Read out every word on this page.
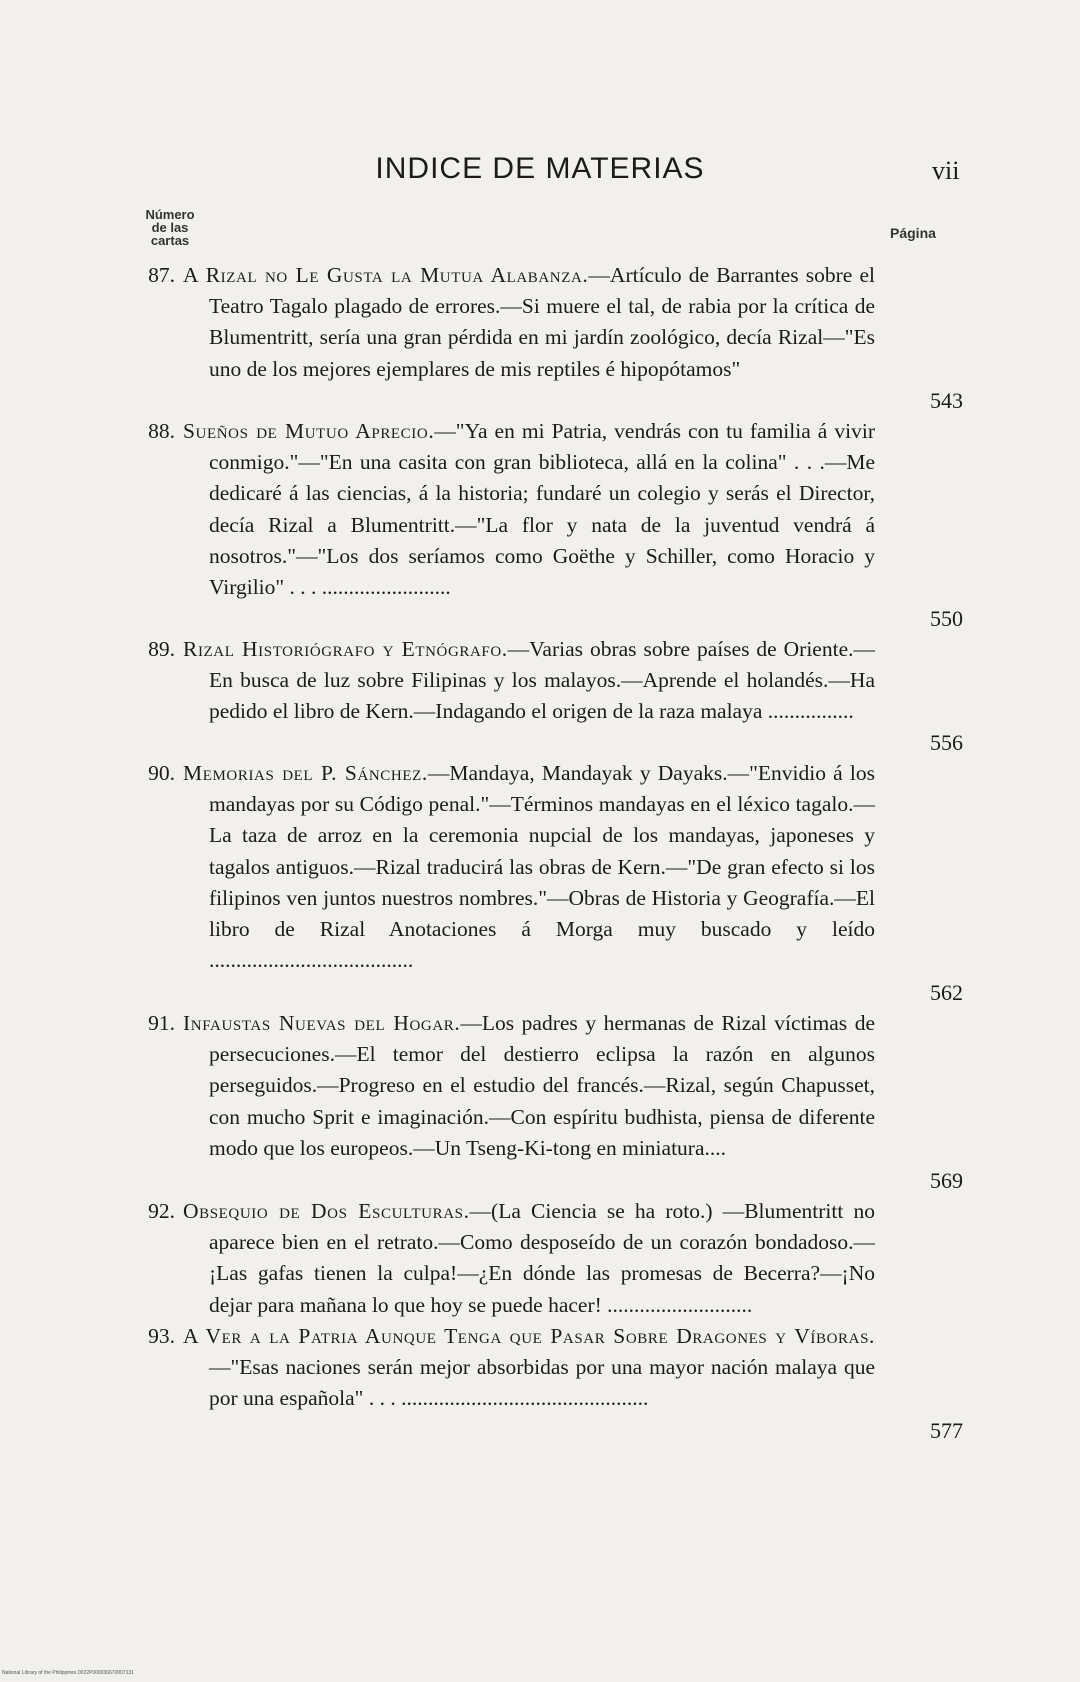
INDICE DE MATERIAS	vii
Número
de las
cartas	Página
87. A Rizal no Le Gusta la Mutua Alabanza.—Artículo de Barrantes sobre el Teatro Tagalo plagado de errores.—Si muere el tal, de rabia por la crítica de Blumentritt, sería una gran pérdida en mi jardín zoológico, decía Rizal—"Es uno de los mejores ejemplares de mis reptiles é hipopótamos"
543
88. Sueños de Mutuo Aprecio.—"Ya en mi Patria, vendrás con tu familia á vivir conmigo."—"En una casita con gran biblioteca, allá en la colina" . . .—Me dedicaré á las ciencias, á la historia; fundaré un colegio y serás el Director, decía Rizal a Blumentritt.—"La flor y nata de la juventud vendrá á nosotros."—"Los dos seríamos como Goëthe y Schiller, como Horacio y Virgilio" . . . ........................
550
89. Rizal Historiógrafo y Etnógrafo.—Varias obras sobre países de Oriente.—En busca de luz sobre Filipinas y los malayos.—Aprende el holandés.—Ha pedido el libro de Kern.—Indagando el origen de la raza malaya ................
556
90. Memorias del P. Sánchez.—Mandaya, Mandayak y Dayaks.—"Envidio á los mandayas por su Código penal."—Términos mandayas en el léxico tagalo.—La taza de arroz en la ceremonia nupcial de los mandayas, japoneses y tagalos antiguos.—Rizal traducirá las obras de Kern.—"De gran efecto si los filipinos ven juntos nuestros nombres."—Obras de Historia y Geografía.—El libro de Rizal Anotaciones á Morga muy buscado y leído ......................................
562
91. Infaustas Nuevas del Hogar.—Los padres y hermanas de Rizal víctimas de persecuciones.—El temor del destierro eclipsa la razón en algunos perseguidos.—Progreso en el estudio del francés.—Rizal, según Chapusset, con mucho Sprit e imaginación.—Con espíritu budhista, piensa de diferente modo que los europeos.—Un Tseng-Ki-tong en miniatura....
569
92. Obsequio de Dos Esculturas.—(La Ciencia se ha roto.) —Blumentritt no aparece bien en el retrato.—Como desposeído de un corazón bondadoso.—¡Las gafas tienen la culpa!—¿En dónde las promesas de Becerra?—¡No dejar para mañana lo que hoy se puede hacer! ...........................
93. A Ver a la Patria Aunque Tenga que Pasar Sobre Dragones y Víboras.—"Esas naciones serán mejor absorbidas por una mayor nación malaya que por una española" . . . ..............................................
577
National Library of the Philippines 0022P000036670007131
